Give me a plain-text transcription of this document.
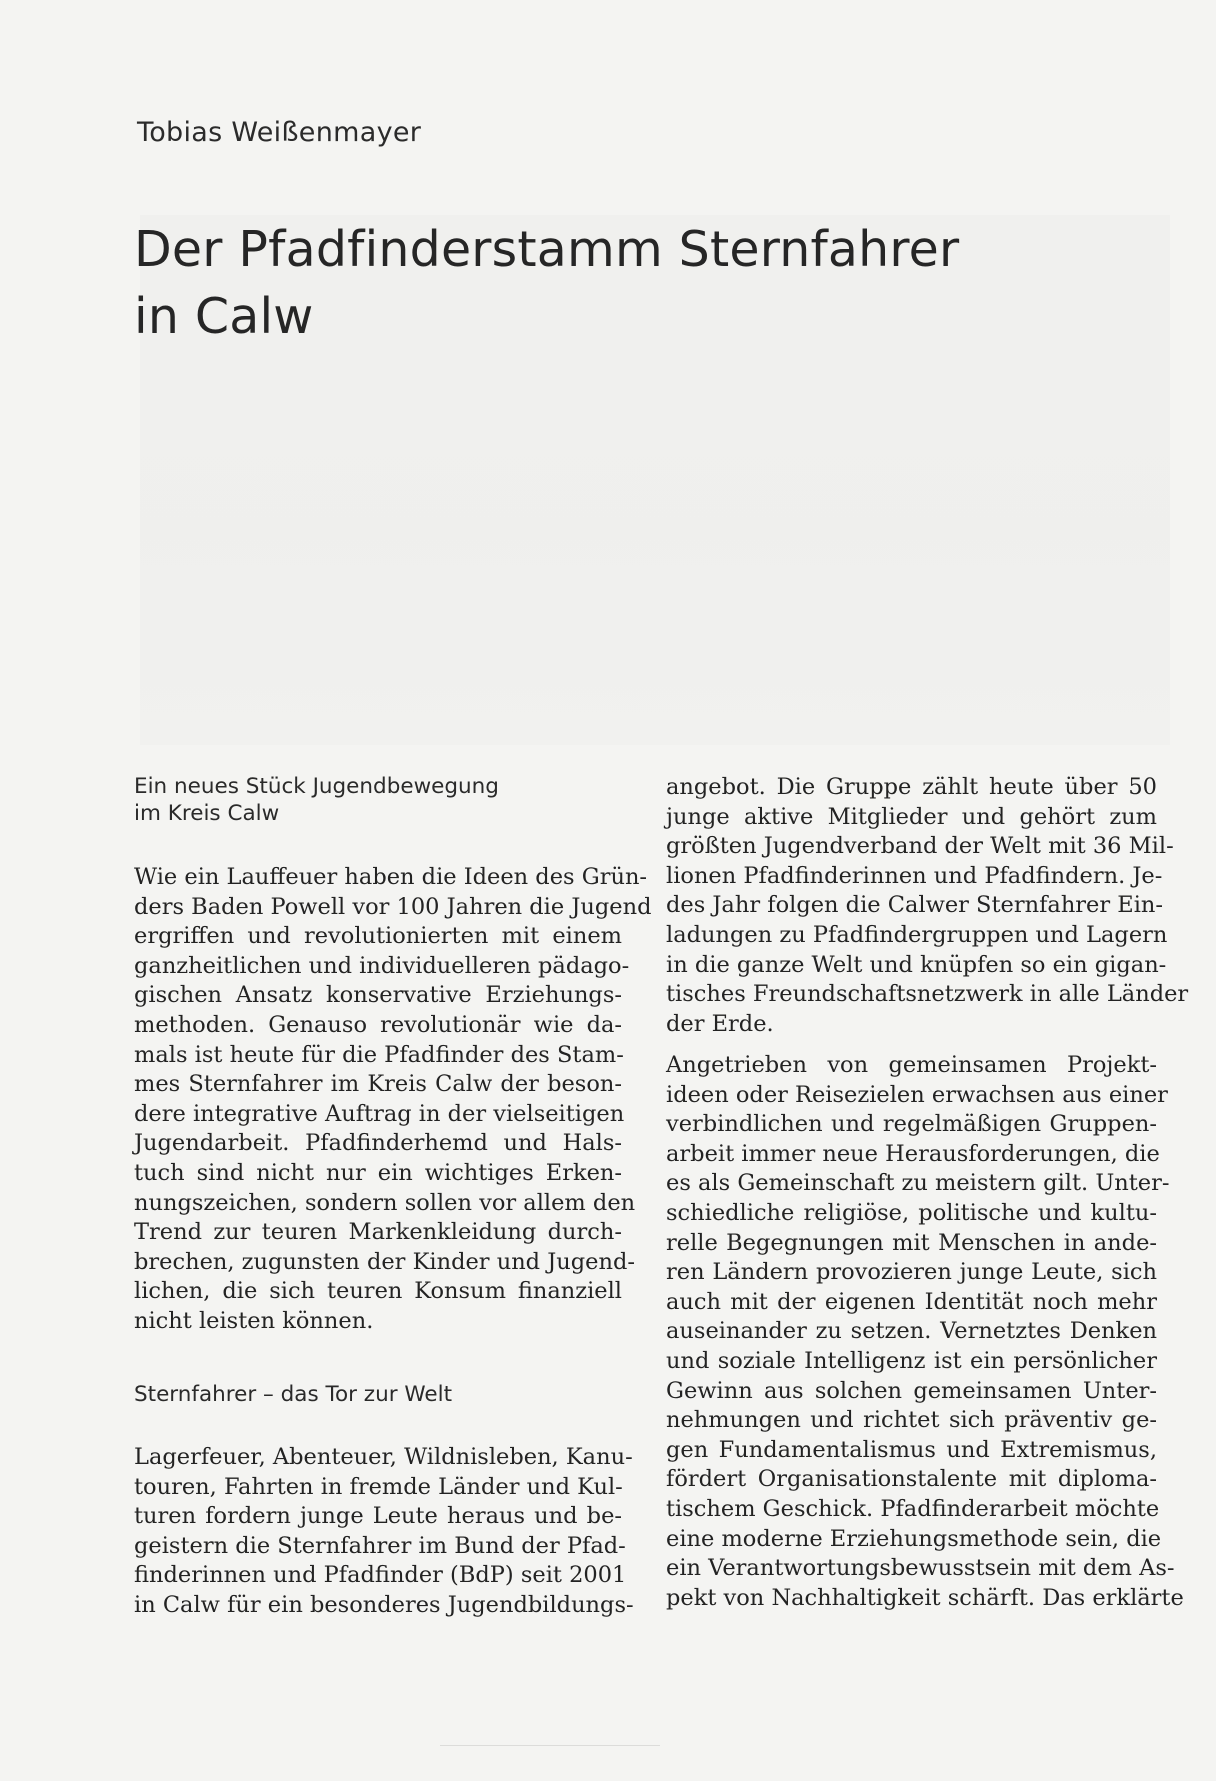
Tobias Weißenmayer
Der Pfadfinderstamm Sternfahrer
in Calw
Ein neues Stück Jugendbewegung
im Kreis Calw
Wie ein Lauffeuer haben die Ideen des Grün-
ders Baden Powell vor 100 Jahren die Jugend
ergriffen und revolutionierten mit einem
ganzheitlichen und individuelleren pädago-
gischen Ansatz konservative Erziehungs-
methoden. Genauso revolutionär wie da-
mals ist heute für die Pfadfinder des Stam-
mes Sternfahrer im Kreis Calw der beson-
dere integrative Auftrag in der vielseitigen
Jugendarbeit. Pfadfinderhemd und Hals-
tuch sind nicht nur ein wichtiges Erken-
nungszeichen, sondern sollen vor allem den
Trend zur teuren Markenkleidung durch-
brechen, zugunsten der Kinder und Jugend-
lichen, die sich teuren Konsum finanziell
nicht leisten können.
Sternfahrer – das Tor zur Welt
Lagerfeuer, Abenteuer, Wildnisleben, Kanu-
touren, Fahrten in fremde Länder und Kul-
turen fordern junge Leute heraus und be-
geistern die Sternfahrer im Bund der Pfad-
finderinnen und Pfadfinder (BdP) seit 2001
in Calw für ein besonderes Jugendbildungs-
angebot. Die Gruppe zählt heute über 50
junge aktive Mitglieder und gehört zum
größten Jugendverband der Welt mit 36 Mil-
lionen Pfadfinderinnen und Pfadfindern. Je-
des Jahr folgen die Calwer Sternfahrer Ein-
ladungen zu Pfadfindergruppen und Lagern
in die ganze Welt und knüpfen so ein gigan-
tisches Freundschaftsnetzwerk in alle Länder
der Erde.
Angetrieben von gemeinsamen Projekt-
ideen oder Reisezielen erwachsen aus einer
verbindlichen und regelmäßigen Gruppen-
arbeit immer neue Herausforderungen, die
es als Gemeinschaft zu meistern gilt. Unter-
schiedliche religiöse, politische und kultu-
relle Begegnungen mit Menschen in ande-
ren Ländern provozieren junge Leute, sich
auch mit der eigenen Identität noch mehr
auseinander zu setzen. Vernetztes Denken
und soziale Intelligenz ist ein persönlicher
Gewinn aus solchen gemeinsamen Unter-
nehmungen und richtet sich präventiv ge-
gen Fundamentalismus und Extremismus,
fördert Organisationstalente mit diploma-
tischem Geschick. Pfadfinderarbeit möchte
eine moderne Erziehungsmethode sein, die
ein Verantwortungsbewusstsein mit dem As-
pekt von Nachhaltigkeit schärft. Das erklärte
